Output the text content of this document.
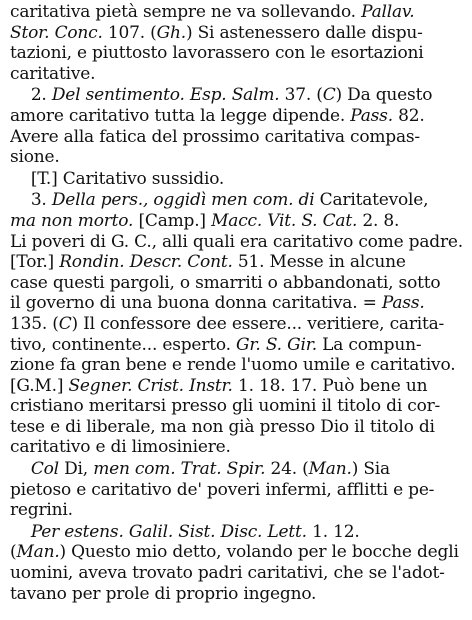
caritativa pietà sempre ne va sollevando. Pallav.
Stor. Conc. 107. (Gh.) Si astenessero dalle dispu-
tazioni, e piuttosto lavorassero con le esortazioni
caritative.
2. Del sentimento. Esp. Salm. 37. (C) Da questo
amore caritativo tutta la legge dipende. Pass. 82.
Avere alla fatica del prossimo caritativa compas-
sione.
[T.] Caritativo sussidio.
3. Della pers., oggidì men com. di Caritatevole,
ma non morto. [Camp.] Macc. Vit. S. Cat. 2. 8.
Li poveri di G. C., alli quali era caritativo come padre.
[Tor.] Rondin. Descr. Cont. 51. Messe in alcune
case questi pargoli, o smarriti o abbandonati, sotto
il governo di una buona donna caritativa. = Pass.
135. (C) Il confessore dee essere... veritiere, carita-
tivo, continente... esperto. Gr. S. Gir. La compun-
zione fa gran bene e rende l'uomo umile e caritativo.
[G.M.] Segner. Crist. Instr. 1. 18. 17. Può bene un
cristiano meritarsi presso gli uomini il titolo di cor-
tese e di liberale, ma non già presso Dio il titolo di
caritativo e di limosiniere.
Col Di, men com. Trat. Spir. 24. (Man.) Sia
pietoso e caritativo de' poveri infermi, afflitti e pe-
regrini.
Per estens. Galil. Sist. Disc. Lett. 1. 12.
(Man.) Questo mio detto, volando per le bocche degli
uomini, aveva trovato padri caritativi, che se l'adot-
tavano per prole di proprio ingegno.
